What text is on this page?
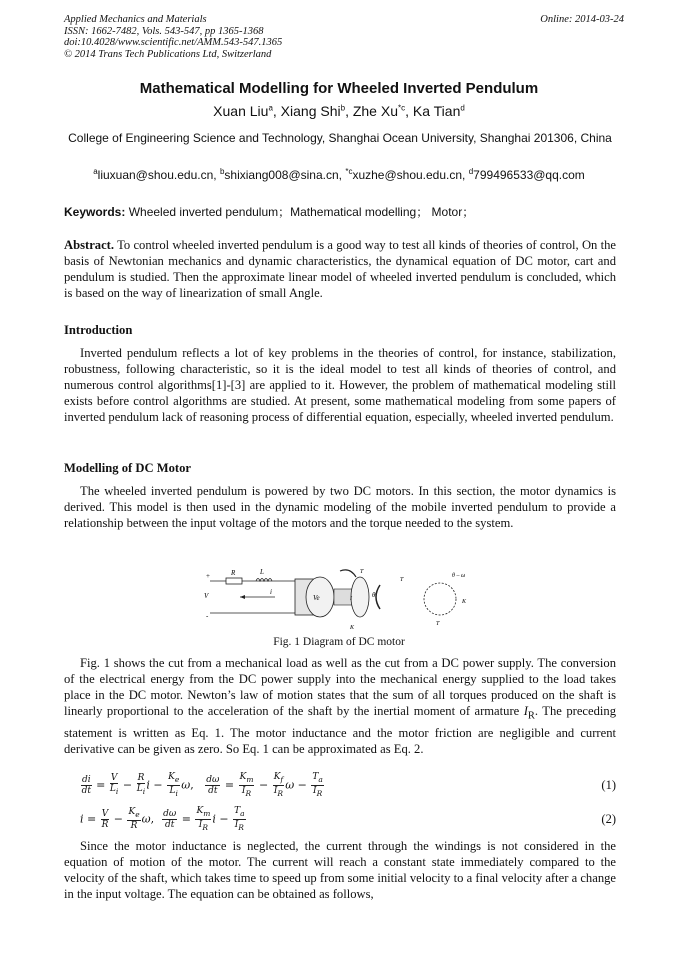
Applied Mechanics and Materials
ISSN: 1662-7482, Vols. 543-547, pp 1365-1368
doi:10.4028/www.scientific.net/AMM.543-547.1365
© 2014 Trans Tech Publications Ltd, Switzerland
Online: 2014-03-24
Mathematical Modelling for Wheeled Inverted Pendulum
Xuan Liu$^a$, Xiang Shi$^b$, Zhe Xu$^{*c}$, Ka Tian$^d$
College of Engineering Science and Technology, Shanghai Ocean University, Shanghai 201306, China
$^a$liuxuan@shou.edu.cn, $^b$shixiang008@sina.cn, $^{*c}$xuzhe@shou.edu.cn, $^d$799496533@qq.com
Keywords: Wheeled inverted pendulum；Mathematical modelling； Motor；
Abstract. To control wheeled inverted pendulum is a good way to test all kinds of theories of control, On the basis of Newtonian mechanics and dynamic characteristics, the dynamical equation of DC motor, cart and pendulum is studied. Then the approximate linear model of wheeled inverted pendulum is concluded, which is based on the way of linearization of small Angle.
Introduction
Inverted pendulum reflects a lot of key problems in the theories of control, for instance, stabilization, robustness, following characteristic, so it is the ideal model to test all kinds of theories of control, and numerous control algorithms[1]-[3] are applied to it. However, the problem of mathematical modeling still exists before control algorithms are studied. At present, some mathematical modeling from some papers of inverted pendulum lack of reasoning process of differential equation, especially, wheeled inverted pendulum.
Modelling of DC Motor
The wheeled inverted pendulum is powered by two DC motors. In this section, the motor dynamics is derived. This model is then used in the dynamic modeling of the mobile inverted pendulum to provide a relationship between the input voltage of the motors and the torque needed to the system.
+
-
V
R	L
i
Ve	I
T
θ
K
T
θ ‒ ω
K
T
Fig. 1 Diagram of DC motor
Fig. 1 shows the cut from a mechanical load as well as the cut from a DC power supply. The conversion of the electrical energy from the DC power supply into the mechanical energy supplied to the load takes place in the DC motor. Newton’s law of motion states that the sum of all torques produced on the shaft is linearly proportional to the acceleration of the shaft by the inertial moment of armature $I_R$. The preceding statement is written as Eq. 1. The motor inductance and the motor friction are negligible and current derivative can be given as zero. So Eq. 1 can be approximated as Eq. 2.
$\frac{di}{dt} = \frac{V}{L_i} - \frac{R}{L_i}$ $i - \frac{K_e}{L_i} \omega$, $\frac{d\omega}{dt} = \frac{K_m}{I_R} - \frac{K_f}{I_R}$ $\omega - \frac{T_a}{I_R}$	(1)
$i = \frac{V}{R} - \frac{K_e}{R} \omega$, $\frac{d\omega}{dt} = \frac{K_m}{I_R}$ $i - \frac{T_a}{I_R}$	(2)
Since the motor inductance is neglected, the current through the windings is not considered in the equation of motion of the motor. The current will reach a constant state immediately compared to the velocity of the shaft, which takes time to speed up from some initial velocity to a final velocity after a change in the input voltage. The equation can be obtained as follows,
